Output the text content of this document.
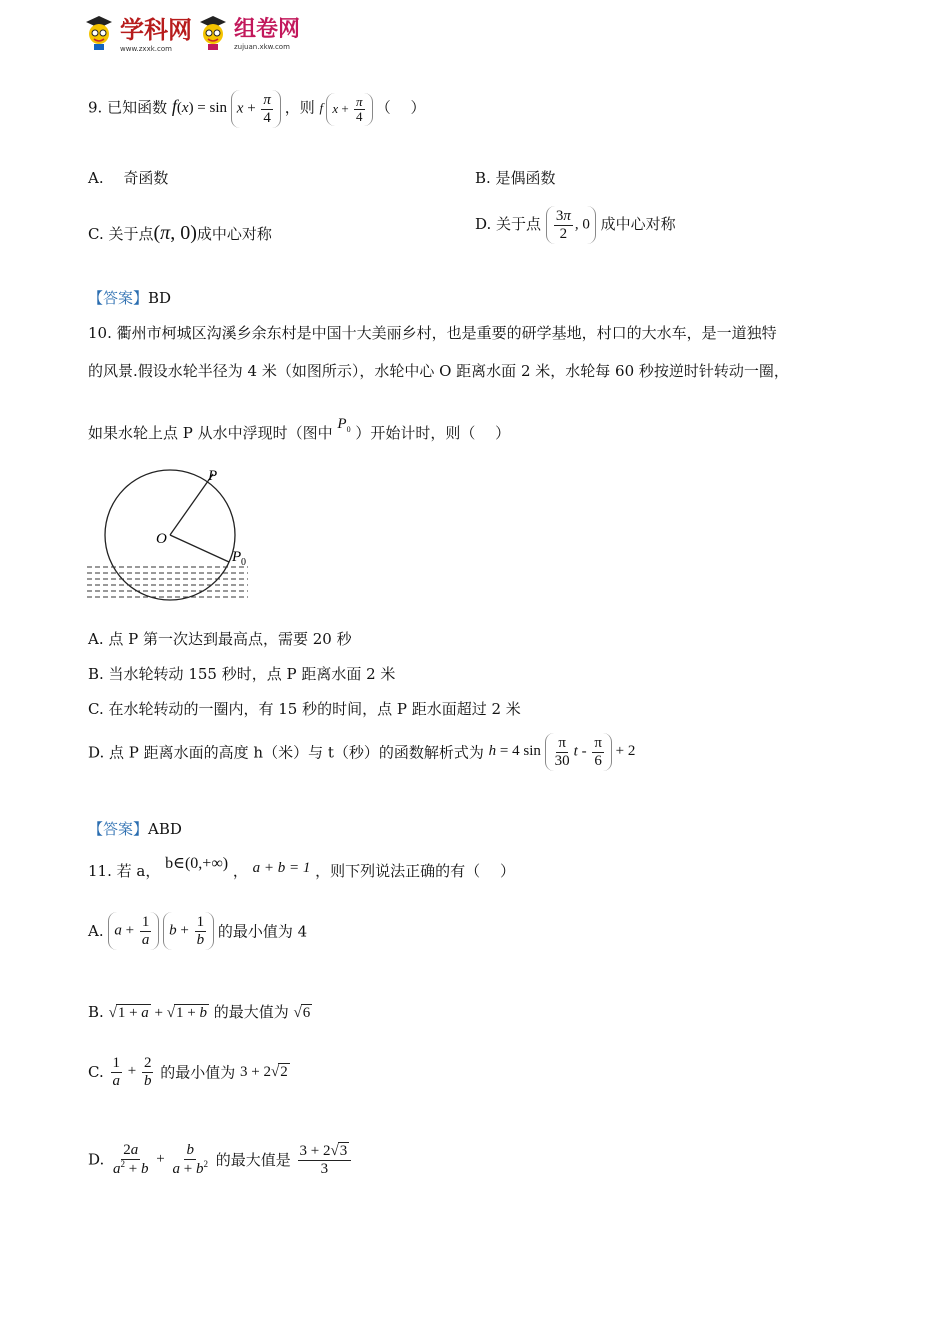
学科网
www.zxxk.com
组卷网
zujuan.xkw.com
9. 已知函数 $f(x) = \sin x + \frac{\pi}{4}$ ，则 f $x + \frac{\pi}{4}$ （　 ）
A.　 奇函数	B. 是偶函数
C. 关于点(π, 0)成中心对称
D. 关于点 $\frac{3\pi}{2}$ , 0 成中心对称
【答案】BD
10. 衢州市柯城区沟溪乡余东村是中国十大美丽乡村，也是重要的研学基地，村口的大水车，是一道独特
的风景.假设水轮半径为 4 米（如图所示），水轮中心 O 距离水面 2 米，水轮每 60 秒按逆时针转动一圈，
如果水轮上点 P 从水中浮现时（图中 $P_0$ ）开始计时，则（　 ）
P
O
P 0
A. 点 P 第一次达到最高点，需要 20 秒
B. 当水轮转动 155 秒时，点 P 距离水面 2 米
C. 在水轮转动的一圈内，有 15 秒的时间，点 P 距水面超过 2 米
D. 点 P 距离水面的高度 h（米）与 t（秒）的函数解析式为 h = 4 $\sin \frac{\pi}{30}$ $t - \frac{\pi}{6} + 2$
【答案】ABD
11. 若 a， b∈(0,+∞) ， a + b = 1 ，则下列说法正确的有（　 ）
A. $a + \frac{1}{a}$ $b + \frac{1}{b}$ 的最小值为 4
B. √1 + a + √1 + b 的最大值为 √6
C. $\frac{1}{a} + \frac{2}{b}$ 的最小值为 3 + 2√2
D. $\frac{2a}{a^2 + b} + \frac{b}{a + b^2}$ 的最大值是 $\frac{3 + 2√3}{3}$
